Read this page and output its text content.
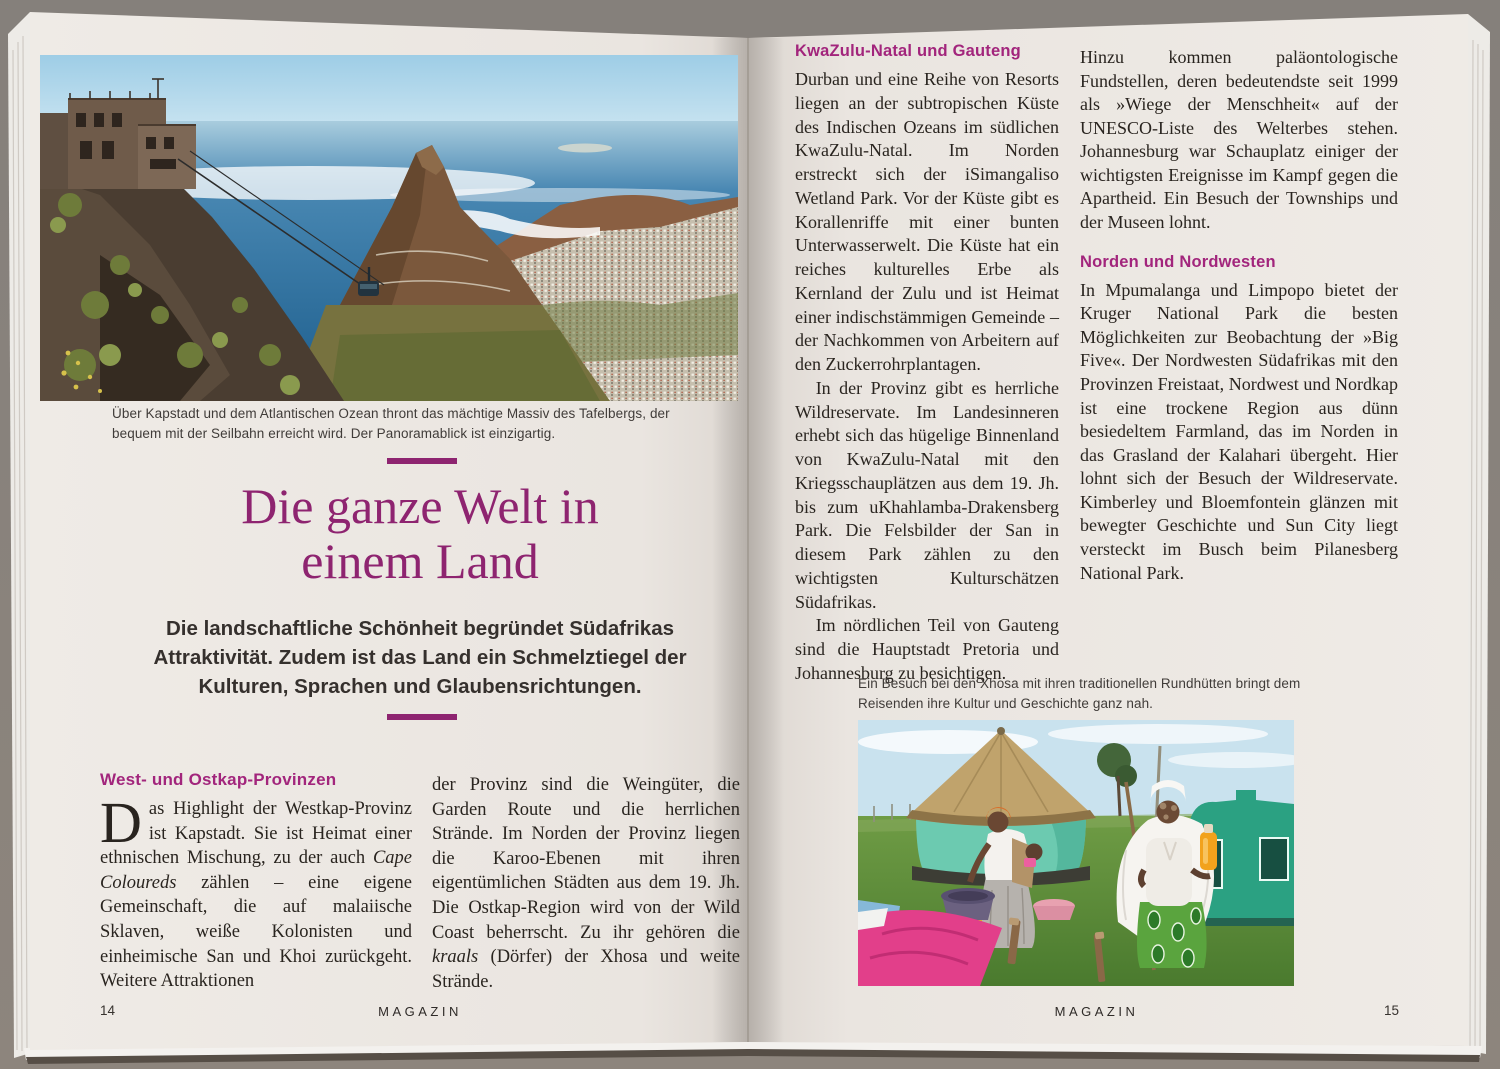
Über Kapstadt und dem Atlantischen Ozean thront das mächtige Massiv des Tafelbergs, der bequem mit der Seilbahn erreicht wird. Der Panoramablick ist einzigartig.
Die ganze Welt in
einem Land
Die landschaftliche Schönheit begründet Südafrikas Attraktivität. Zudem ist das Land ein Schmelztiegel der Kulturen, Sprachen und Glaubensrichtungen.
West- und Ostkap-Provinzen

Das Highlight der Westkap-Provinz ist Kapstadt. Sie ist Heimat einer ethnischen Mischung, zu der auch Cape Coloureds zählen – eine eigene Gemeinschaft, die auf malaiische Sklaven, weiße Kolonisten und einheimische San und Khoi zurückgeht. Weitere Attraktionen

der Provinz sind die Weingüter, die Garden Route und die herrlichen Strände. Im Norden der Provinz liegen die Karoo-Ebenen mit ihren eigentümlichen Städten aus dem 19. Jh. Die Ostkap-Region wird von der Wild Coast beherrscht. Zu ihr gehören die kraals (Dörfer) der Xhosa und weite Strände.

14	MAGAZIN
KwaZulu-Natal und Gauteng

Durban und eine Reihe von Resorts liegen an der subtropischen Küste des Indischen Ozeans im südlichen KwaZulu-Natal. Im Norden erstreckt sich der iSimangaliso Wetland Park. Vor der Küste gibt es Korallenriffe mit einer bunten Unterwasserwelt. Die Küste hat ein reiches kulturelles Erbe als Kernland der Zulu und ist Heimat einer indischstämmigen Gemeinde – der Nachkommen von Arbeitern auf den Zuckerrohrplantagen.

In der Provinz gibt es herrliche Wildreservate. Im Landesinneren erhebt sich das hügelige Binnenland von KwaZulu-Natal mit den Kriegsschauplätzen aus dem 19. Jh. bis zum uKhahlamba-Drakensberg Park. Die Felsbilder der San in diesem Park zählen zu den wichtigsten Kulturschätzen Südafrikas.

Im nördlichen Teil von Gauteng sind die Hauptstadt Pretoria und Johannesburg zu besichtigen.

Hinzu kommen paläontologische Fundstellen, deren bedeutendste seit 1999 als »Wiege der Menschheit« auf der UNESCO-Liste des Welterbes stehen. Johannesburg war Schauplatz einiger der wichtigsten Ereignisse im Kampf gegen die Apartheid. Ein Besuch der Townships und der Museen lohnt.

Norden und Nordwesten

In Mpumalanga und Limpopo bietet der Kruger National Park die besten Möglichkeiten zur Beobachtung der »Big Five«. Der Nordwesten Südafrikas mit den Provinzen Freistaat, Nordwest und Nordkap ist eine trockene Region aus dünn besiedeltem Farmland, das im Norden in das Grasland der Kalahari übergeht. Hier lohnt sich der Besuch der Wildreservate. Kimberley und Bloemfontein glänzen mit bewegter Geschichte und Sun City liegt versteckt im Busch beim Pilanesberg National Park.

Ein Besuch bei den Xhosa mit ihren traditionellen Rundhütten bringt dem Reisenden ihre Kultur und Geschichte ganz nah.
MAGAZIN	15
